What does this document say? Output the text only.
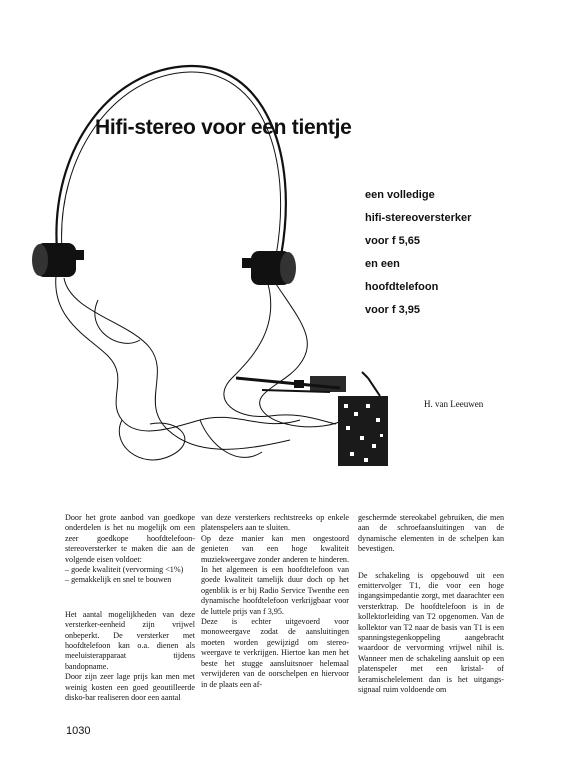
Hifi-stereo voor een tientje
een volledige
hifi-stereoversterker
voor f 5,65
en een
hoofdtelefoon
voor f 3,95
H. van Leeuwen

Door het grote aanbod van goedkope onderdelen is het nu mogelijk om een zeer goedkope hoofdtelefoon-stereoversterker te maken die aan de volgende eisen voldoet:

– goede kwaliteit (vervorming <1%)

– gemakkelijk en snel te bouwen

Het aantal mogelijkheden van deze versterker-eenheid zijn vrijwel onbeperkt. De versterker met hoofdtelefoon kan o.a. dienen als meeluisterapparaat tijdens bandopname.

Door zijn zeer lage prijs kan men met weinig kosten een goed geoutilleerde disko-bar realiseren door een aantal

van deze versterkers rechtstreeks op enkele platenspelers aan te sluiten.

Op deze manier kan men ongestoord genieten van een hoge kwaliteit muziekweergave zonder anderen te hinderen. In het algemeen is een hoofdtelefoon van goede kwaliteit tamelijk duur doch op het ogenblik is er bij Radio Service Twenthe een dynamische hoofdtelefoon verkrijgbaar voor de luttele prijs van f 3,95.

Deze is echter uitgevoerd voor monoweergave zodat de aansluitingen moeten worden gewijzigd om stereo-weergave te verkrijgen. Hiertoe kan men het beste het stugge aansluitsnoer helemaal verwijderen van de oorschelpen en hiervoor in de plaats een af-

geschermde stereokabel gebruiken, die men aan de schroefaansluitingen van de dynamische elementen in de schelpen kan bevestigen.

De schakeling is opgebouwd uit een emittervolger T1, die voor een hoge ingangsimpedantie zorgt, met daarachter een versterktrap. De hoofdtelefoon is in de kollektorleiding van T2 opgenomen. Van de kollektor van T2 naar de basis van T1 is een spanningstegenkoppeling aangebracht waardoor de vervorming vrijwel nihil is. Wanneer men de schakeling aansluit op een platenspeler met een kristal- of keramischelelement dan is het uitgangs-signaal ruim voldoende om

1030
